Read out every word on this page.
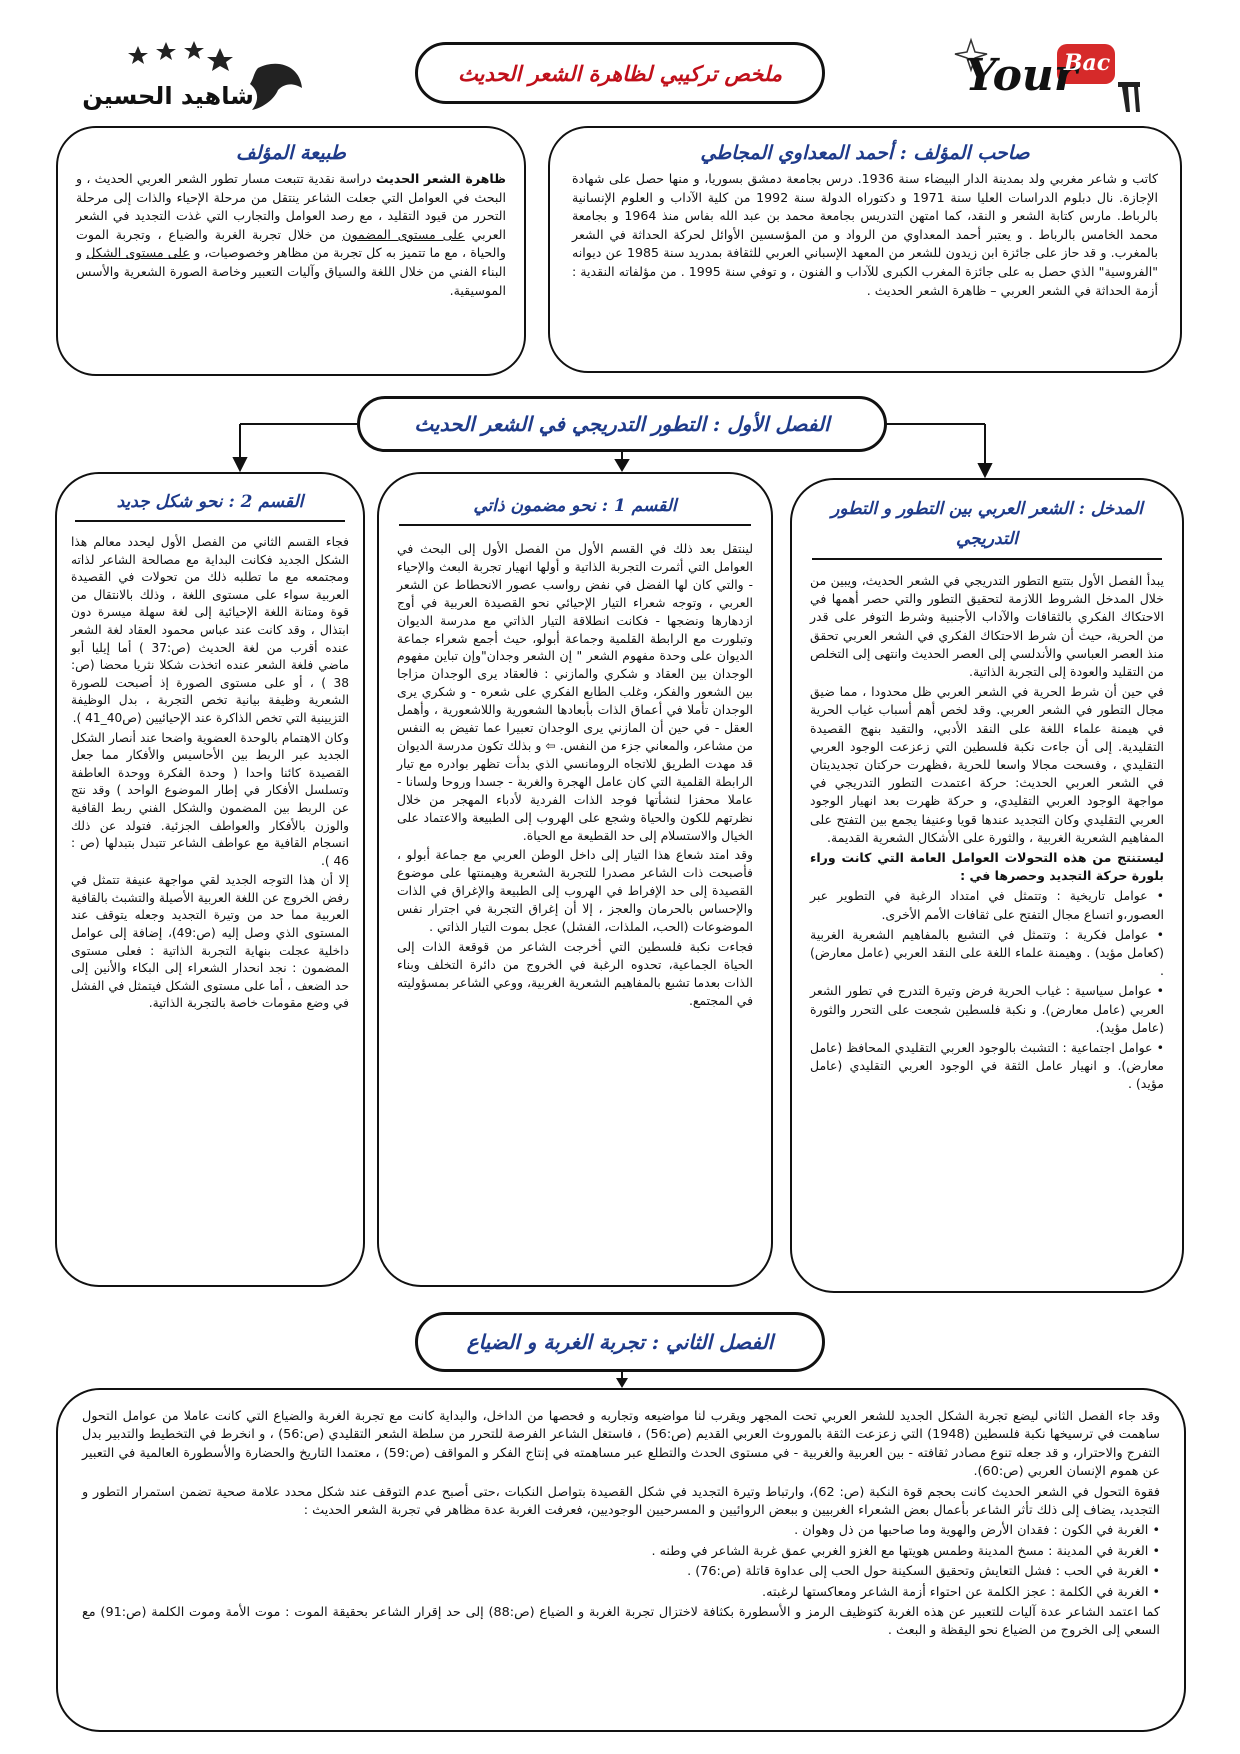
Your
Bac
شاهيد الحسين
ملخص تركيبي لظاهرة الشعر الحديث
صاحب المؤلف : أحمد المعداوي المجاطي
كاتب و شاعر مغربي ولد بمدينة الدار البيضاء سنة 1936. درس بجامعة دمشق بسوريا، و منها حصل على شهادة الإجازة. نال دبلوم الدراسات العليا سنة 1971 و دكتوراه الدولة سنة 1992 من كلية الآداب و العلوم الإنسانية بالرباط. مارس كتابة الشعر و النقد، كما امتهن التدريس بجامعة محمد بن عبد الله بفاس منذ 1964 و بجامعة محمد الخامس بالرباط . و يعتبر أحمد المعداوي من الرواد و من المؤسسين الأوائل لحركة الحداثة في الشعر بالمغرب. و قد حاز على جائزة ابن زيدون للشعر من المعهد الإسباني العربي للثقافة بمدريد سنة 1985 عن ديوانه "الفروسية" الذي حصل به على جائزة المغرب الكبرى للآداب و الفنون ، و توفي سنة 1995 . من مؤلفاته النقدية : أزمة الحداثة في الشعر العربي – ظاهرة الشعر الحديث .
طبيعة المؤلف
ظاهرة الشعر الحديث دراسة نقدية تتبعت مسار تطور الشعر العربي الحديث ، و البحث في العوامل التي جعلت الشاعر ينتقل من مرحلة الإحياء والذات إلى مرحلة التحرر من قيود التقليد ، مع رصد العوامل والتجارب التي غذت التجديد في الشعر العربي على مستوى المضمون من خلال تجربة الغربة والضياع ، وتجربة الموت والحياة ، مع ما تتميز به كل تجربة من مظاهر وخصوصيات، و على مستوى الشكل و البناء الفني من خلال اللغة والسياق وآليات التعبير وخاصة الصورة الشعرية والأسس الموسيقية.
الفصل الأول : التطور التدريجي في الشعر الحديث
المدخل : الشعر العربي بين التطور و التطور التدريجي

يبدأ الفصل الأول بتتبع التطور التدريجي في الشعر الحديث، ويبين من خلال المدخل الشروط اللازمة لتحقيق التطور والتي حصر أهمها في الاحتكاك الفكري بالثقافات والآداب الأجنبية وشرط التوفر على قدر من الحرية، حيث أن شرط الاحتكاك الفكري في الشعر العربي تحقق منذ العصر العباسي والأندلسي إلى العصر الحديث وانتهى إلى التخلص من التقليد والعودة إلى التجربة الذاتية.

في حين أن شرط الحرية في الشعر العربي ظل محدودا ، مما ضيق مجال التطور في الشعر العربي. وقد لخص أهم أسباب غياب الحرية في هيمنة علماء اللغة على النقد الأدبي، والتقيد بنهج القصيدة التقليدية. إلى أن جاءت نكبة فلسطين التي زعزعت الوجود العربي التقليدي ، وفسحت مجالا واسعا للحرية ،فظهرت حركتان تجديديتان في الشعر العربي الحديث: حركة اعتمدت التطور التدريجي في مواجهة الوجود العربي التقليدي، و حركة ظهرت بعد انهيار الوجود العربي التقليدي وكان التجديد عندها قويا وعنيفا يجمع بين التفتح على المفاهيم الشعرية الغربية ، والثورة على الأشكال الشعرية القديمة.

ليستنتج من هذه التحولات العوامل العامة التي كانت وراء بلورة حركة التجديد وحصرها في :

• عوامل تاريخية : وتتمثل في امتداد الرغبة في التطوير عبر العصور،و اتساع مجال التفتح على ثقافات الأمم الأخرى.

• عوامل فكرية : وتتمثل في التشبع بالمفاهيم الشعرية الغربية (كعامل مؤيد) . وهيمنة علماء اللغة على النقد العربي (عامل معارض) .

• عوامل سياسية : غياب الحرية فرض وتيرة التدرج في تطور الشعر العربي (عامل معارض). و نكبة فلسطين شجعت على التحرر والثورة (عامل مؤيد).

• عوامل اجتماعية : التشبث بالوجود العربي التقليدي المحافظ (عامل معارض). و انهيار عامل الثقة في الوجود العربي التقليدي (عامل مؤيد) .

القسم 1 : نحو مضمون ذاتي

لينتقل بعد ذلك في القسم الأول من الفصل الأول إلى البحث في العوامل التي أثمرت التجربة الذاتية و أولها انهيار تجربة البعث والإحياء - والتي كان لها الفضل في نفض رواسب عصور الانحطاط عن الشعر العربي ، وتوجه شعراء التيار الإحيائي نحو القصيدة العربية في أوج ازدهارها ونضجها - فكانت انطلاقة التيار الذاتي مع مدرسة الديوان وتبلورت مع الرابطة القلمية وجماعة أبولو، حيث أجمع شعراء جماعة الديوان على وحدة مفهوم الشعر " إن الشعر وجدان"وإن تباين مفهوم الوجدان بين العقاد و شكري والمازني : فالعقاد يرى الوجدان مزاجا بين الشعور والفكر، وغلب الطابع الفكري على شعره - و شكري يرى الوجدان تأملا في أعماق الذات بأبعادها الشعورية واللاشعورية ، وأهمل العقل - في حين أن المازني يرى الوجدان تعبيرا عما تفيض به النفس من مشاعر، والمعاني جزء من النفس. ⇦ و بذلك تكون مدرسة الديوان قد مهدت الطريق للاتجاه الرومانسي الذي بدأت تظهر بوادره مع تيار الرابطة القلمية التي كان عامل الهجرة والغربة - جسدا وروحا ولسانا - عاملا محفزا لنشأتها فوجد الذات الفردية لأدباء المهجر من خلال نظرتهم للكون والحياة وشجع على الهروب إلى الطبيعة والاعتماد على الخيال والاستسلام إلى حد القطيعة مع الحياة.

وقد امتد شعاع هذا التيار إلى داخل الوطن العربي مع جماعة أبولو ، فأصبحت ذات الشاعر مصدرا للتجربة الشعرية وهيمنتها على موضوع القصيدة إلى حد الإفراط في الهروب إلى الطبيعة والإغراق في الذات والإحساس بالحرمان والعجز ، إلا أن إغراق التجربة في اجترار نفس الموضوعات (الحب، الملذات، الفشل) عجل بموت التيار الذاتي .

فجاءت نكبة فلسطين التي أخرجت الشاعر من قوقعة الذات إلى الحياة الجماعية، تحدوه الرغبة في الخروج من دائرة التخلف وبناء الذات بعدما تشبع بالمفاهيم الشعرية الغربية، ووعي الشاعر بمسؤوليته في المجتمع.

القسم 2 : نحو شكل جديد

فجاء القسم الثاني من الفصل الأول ليحدد معالم هذا الشكل الجديد فكانت البداية مع مصالحة الشاعر لذاته ومجتمعه مع ما تطلبه ذلك من تحولات في القصيدة العربية سواء على مستوى اللغة ، وذلك بالانتقال من قوة ومتانة اللغة الإحيائية إلى لغة سهلة ميسرة دون ابتذال ، وقد كانت عند عباس محمود العقاد لغة الشعر عنده أقرب من لغة الحديث (ص:37 ) أما إيليا أبو ماضي فلغة الشعر عنده اتخذت شكلا نثريا محضا (ص: 38 ) ، أو على مستوى الصورة إذ أصبحت للصورة الشعرية وظيفة بيانية تخص التجربة ، بدل الوظيفة التزيينية التي تخص الذاكرة عند الإحيائيين (ص40_41 ).

وكان الاهتمام بالوحدة العضوية واضحا عند أنصار الشكل الجديد عبر الربط بين الأحاسيس والأفكار مما جعل القصيدة كائنا واحدا ( وحدة الفكرة ووحدة العاطفة وتسلسل الأفكار في إطار الموضوع الواحد ) وقد نتج عن الربط بين المضمون والشكل الفني ربط القافية والوزن بالأفكار والعواطف الجزئية. فتولد عن ذلك انسجام القافية مع عواطف الشاعر تتبدل بتبدلها (ص : 46 ).

إلا أن هذا التوجه الجديد لقي مواجهة عنيفة تتمثل في رفض الخروج عن اللغة العربية الأصيلة والتشبث بالقافية العربية مما حد من وتيرة التجديد وجعله يتوقف عند المستوى الذي وصل إليه (ص:49)، إضافة إلى عوامل داخلية عجلت بنهاية التجربة الذاتية : فعلى مستوى المضمون : نجد انحدار الشعراء إلى البكاء والأنين إلى حد الضعف ، أما على مستوى الشكل فيتمثل في الفشل في وضع مقومات خاصة بالتجربة الذاتية.

الفصل الثاني : تجربة الغربة و الضياع

وقد جاء الفصل الثاني ليضع تجربة الشكل الجديد للشعر العربي تحت المجهر ويقرب لنا مواضيعه وتجاربه و فحصها من الداخل، والبداية كانت مع تجربة الغربة والضياع التي كانت عاملا من عوامل التحول ساهمت في ترسيخها نكبة فلسطين (1948) التي زعزعت الثقة بالموروث العربي القديم (ص:56) ، فاستغل الشاعر الفرصة للتحرر من سلطة الشعر التقليدي (ص:56) ، و انخرط في التخطيط والتدبير بدل التفرج والاحترار، و قد جعله تنوع مصادر ثقافته - بين العربية والغربية - في مستوى الحدث والتطلع عبر مساهمته في إنتاج الفكر و المواقف (ص:59) ، معتمدا التاريخ والحضارة والأسطورة العالمية في التعبير عن هموم الإنسان العربي (ص:60).

فقوة التحول في الشعر الحديث كانت بحجم قوة النكبة (ص: 62)، وارتباط وتيرة التجديد في شكل القصيدة بتواصل النكبات ،حتى أصبح عدم التوقف عند شكل محدد علامة صحية تضمن استمرار التطور و التجديد، يضاف إلى ذلك تأثر الشاعر بأعمال بعض الشعراء الغربيين و ببعض الروائيين و المسرحيين الوجوديين، فعرفت الغربة عدة مظاهر في تجربة الشعر الحديث :

• الغربة في الكون : فقدان الأرض والهوية وما صاحبها من ذل وهوان .

• الغربة في المدينة : مسخ المدينة وطمس هويتها مع الغزو الغربي عمق غربة الشاعر في وطنه .

• الغربة في الحب : فشل التعايش وتحقيق السكينة حول الحب إلى عداوة قاتلة (ص:76) .

• الغربة في الكلمة : عجز الكلمة عن احتواء أزمة الشاعر ومعاكستها لرغبته.

كما اعتمد الشاعر عدة آليات للتعبير عن هذه الغربة كتوظيف الرمز و الأسطورة بكثافة لاختزال تجربة الغربة و الضياع (ص:88) إلى حد إقرار الشاعر بحقيقة الموت : موت الأمة وموت الكلمة (ص:91) مع السعي إلى الخروج من الضياع نحو اليقظة و البعث .
